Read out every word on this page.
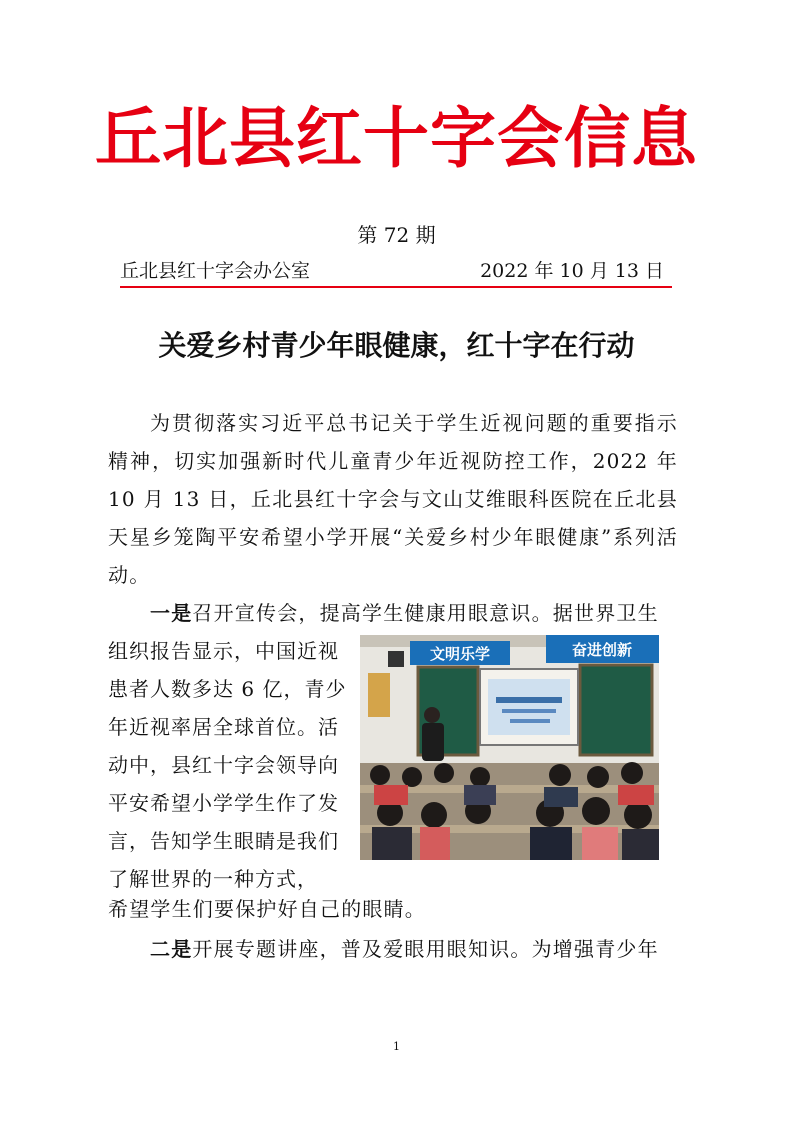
丘北县红十字会信息
第 72 期
丘北县红十字会办公室	2022 年 10 月 13 日
关爱乡村青少年眼健康，红十字在行动
为贯彻落实习近平总书记关于学生近视问题的重要指示精神，切实加强新时代儿童青少年近视防控工作，2022 年 10 月 13 日，丘北县红十字会与文山艾维眼科医院在丘北县天星乡笼陶平安希望小学开展“关爱乡村少年眼健康”系列活动。
一是召开宣传会，提高学生健康用眼意识。据世界卫生
组织报告显示，中国近视患者人数多达 6 亿，青少年近视率居全球首位。活动中，县红十字会领导向平安希望小学学生作了发言，告知学生眼睛是我们了解世界的一种方式，
希望学生们要保护好自己的眼睛。
二是开展专题讲座，普及爱眼用眼知识。为增强青少年
文明乐学	奋进创新
1
